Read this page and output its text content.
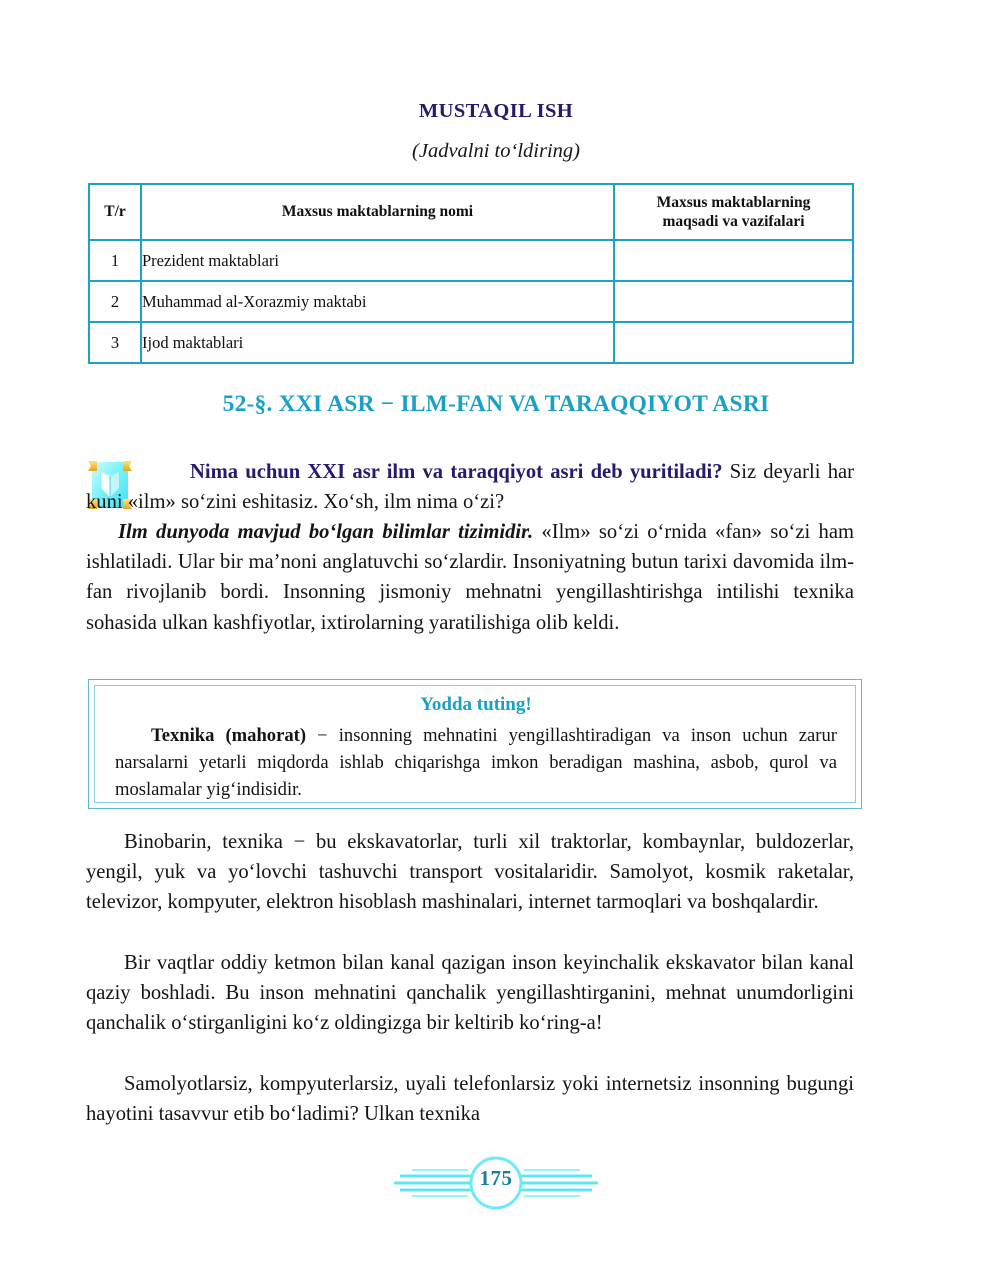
MUSTAQIL ISH
(Jadvalni to‘ldiring)
T/r	Maxsus maktablarning nomi	Maxsus maktablarning
maqsadi va vazifalari
1	Prezident maktablari	
2	Muhammad al-Xorazmiy maktabi	
3	Ijod maktablari	
52-§. XXI ASR − ILM-FAN VA TARAQQIYOT ASRI
Nima uchun XXI asr ilm va taraqqiyot asri deb yuritiladi? Siz deyarli har kuni «ilm» so‘zini eshitasiz. Xo‘sh, ilm nima o‘zi?
Ilm dunyoda mavjud bo‘lgan bilimlar tizimidir. «Ilm» so‘zi o‘rnida «fan» so‘zi ham ishlatiladi. Ular bir ma’noni anglatuvchi so‘zlardir. Insoniyatning butun tarixi davomida ilm-fan rivojlanib bordi. Insonning jismoniy mehnatni yengillashtirishga intilishi texnika sohasida ulkan kashfiyotlar, ixtirolarning yaratilishiga olib keldi.
Yodda tuting!
Texnika (mahorat) − insonning mehnatini yengillashtiradigan va inson uchun zarur narsalarni yetarli miqdorda ishlab chiqarishga imkon beradigan mashina, asbob, qurol va moslamalar yig‘indisidir.
Binobarin, texnika − bu ekskavatorlar, turli xil traktorlar, kombaynlar, buldozerlar, yengil, yuk va yo‘lovchi tashuvchi transport vositalaridir. Samolyot, kosmik raketalar, televizor, kompyuter, elektron hisoblash mashinalari, internet tarmoqlari va boshqalardir.
Bir vaqtlar oddiy ketmon bilan kanal qazigan inson keyinchalik ekskavator bilan kanal qaziy boshladi. Bu inson mehnatini qanchalik yengillashtirganini, mehnat unumdorligini qanchalik o‘stirganligini ko‘z oldingizga bir keltirib ko‘ring-a!
Samolyotlarsiz, kompyuterlarsiz, uyali telefonlarsiz yoki internetsiz insonning bugungi hayotini tasavvur etib bo‘ladimi? Ulkan texnika
175
